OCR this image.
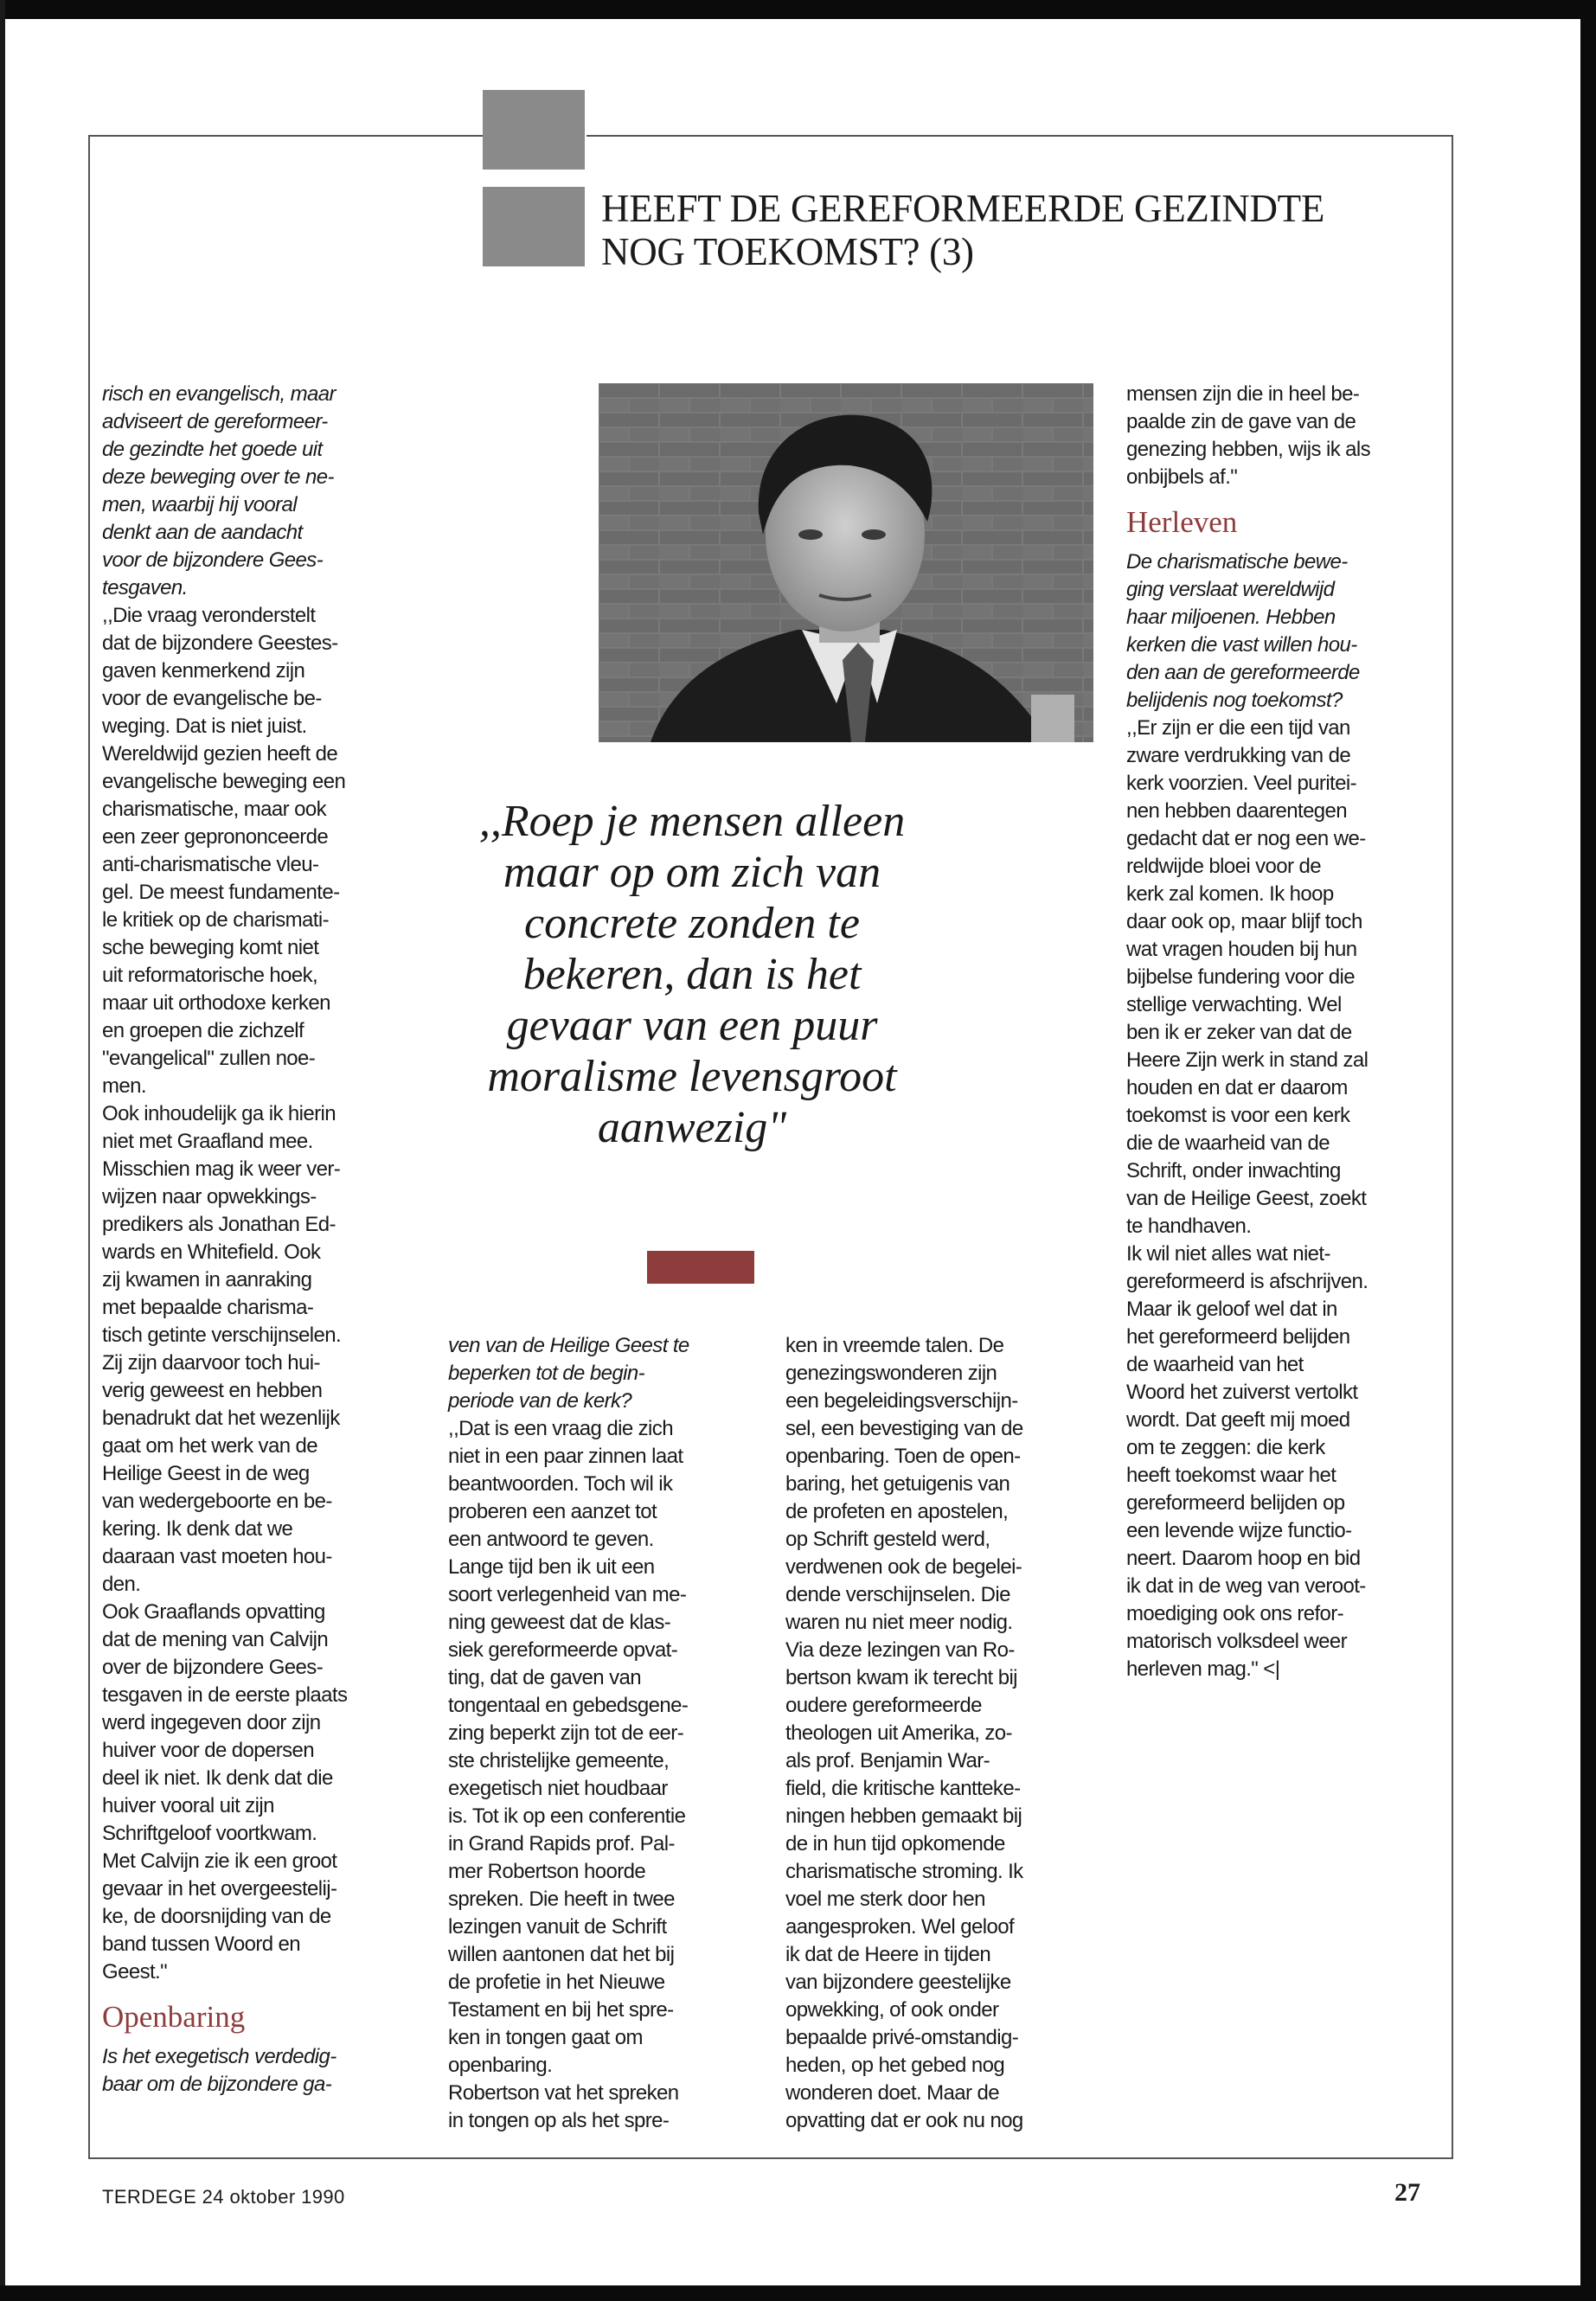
HEEFT DE GEREFORMEERDE GEZINDTE
NOG TOEKOMST? (3)
,,Roep je mensen alleen
maar op om zich van
concrete zonden te
bekeren, dan is het
gevaar van een puur
moralisme levensgroot
aanwezig"
risch en evangelisch, maar
adviseert de gereformeer-
de gezindte het goede uit
deze beweging over te ne-
men, waarbij hij vooral
denkt aan de aandacht
voor de bijzondere Gees-
tesgaven.
,,Die vraag veronderstelt
dat de bijzondere Geestes-
gaven kenmerkend zijn
voor de evangelische be-
weging. Dat is niet juist.
Wereldwijd gezien heeft de
evangelische beweging een
charismatische, maar ook
een zeer geprononceerde
anti-charismatische vleu-
gel. De meest fundamente-
le kritiek op de charismati-
sche beweging komt niet
uit reformatorische hoek,
maar uit orthodoxe kerken
en groepen die zichzelf
"evangelical" zullen noe-
men.
Ook inhoudelijk ga ik hierin
niet met Graafland mee.
Misschien mag ik weer ver-
wijzen naar opwekkings-
predikers als Jonathan Ed-
wards en Whitefield. Ook
zij kwamen in aanraking
met bepaalde charisma-
tisch getinte verschijnselen.
Zij zijn daarvoor toch hui-
verig geweest en hebben
benadrukt dat het wezenlijk
gaat om het werk van de
Heilige Geest in de weg
van wedergeboorte en be-
kering. Ik denk dat we
daaraan vast moeten hou-
den.
Ook Graaflands opvatting
dat de mening van Calvijn
over de bijzondere Gees-
tesgaven in de eerste plaats
werd ingegeven door zijn
huiver voor de dopersen
deel ik niet. Ik denk dat die
huiver vooral uit zijn
Schriftgeloof voortkwam.
Met Calvijn zie ik een groot
gevaar in het overgeestelij-
ke, de doorsnijding van de
band tussen Woord en
Geest."
Openbaring
Is het exegetisch verdedig-
baar om de bijzondere ga-
ven van de Heilige Geest te
beperken tot de begin-
periode van de kerk?
,,Dat is een vraag die zich
niet in een paar zinnen laat
beantwoorden. Toch wil ik
proberen een aanzet tot
een antwoord te geven.
Lange tijd ben ik uit een
soort verlegenheid van me-
ning geweest dat de klas-
siek gereformeerde opvat-
ting, dat de gaven van
tongentaal en gebedsgene-
zing beperkt zijn tot de eer-
ste christelijke gemeente,
exegetisch niet houdbaar
is. Tot ik op een conferentie
in Grand Rapids prof. Pal-
mer Robertson hoorde
spreken. Die heeft in twee
lezingen vanuit de Schrift
willen aantonen dat het bij
de profetie in het Nieuwe
Testament en bij het spre-
ken in tongen gaat om
openbaring.
Robertson vat het spreken
in tongen op als het spre-
ken in vreemde talen. De
genezingswonderen zijn
een begeleidingsverschijn-
sel, een bevestiging van de
openbaring. Toen de open-
baring, het getuigenis van
de profeten en apostelen,
op Schrift gesteld werd,
verdwenen ook de begelei-
dende verschijnselen. Die
waren nu niet meer nodig.
Via deze lezingen van Ro-
bertson kwam ik terecht bij
oudere gereformeerde
theologen uit Amerika, zo-
als prof. Benjamin War-
field, die kritische kantteke-
ningen hebben gemaakt bij
de in hun tijd opkomende
charismatische stroming. Ik
voel me sterk door hen
aangesproken. Wel geloof
ik dat de Heere in tijden
van bijzondere geestelijke
opwekking, of ook onder
bepaalde privé-omstandig-
heden, op het gebed nog
wonderen doet. Maar de
opvatting dat er ook nu nog
mensen zijn die in heel be-
paalde zin de gave van de
genezing hebben, wijs ik als
onbijbels af."
Herleven
De charismatische bewe-
ging verslaat wereldwijd
haar miljoenen. Hebben
kerken die vast willen hou-
den aan de gereformeerde
belijdenis nog toekomst?
,,Er zijn er die een tijd van
zware verdrukking van de
kerk voorzien. Veel puritei-
nen hebben daarentegen
gedacht dat er nog een we-
reldwijde bloei voor de
kerk zal komen. Ik hoop
daar ook op, maar blijf toch
wat vragen houden bij hun
bijbelse fundering voor die
stellige verwachting. Wel
ben ik er zeker van dat de
Heere Zijn werk in stand zal
houden en dat er daarom
toekomst is voor een kerk
die de waarheid van de
Schrift, onder inwachting
van de Heilige Geest, zoekt
te handhaven.
Ik wil niet alles wat niet-
gereformeerd is afschrijven.
Maar ik geloof wel dat in
het gereformeerd belijden
de waarheid van het
Woord het zuiverst vertolkt
wordt. Dat geeft mij moed
om te zeggen: die kerk
heeft toekomst waar het
gereformeerd belijden op
een levende wijze functio-
neert. Daarom hoop en bid
ik dat in de weg van veroot-
moediging ook ons refor-
matorisch volksdeel weer
herleven mag." <|
TERDEGE 24 oktober 1990	27
